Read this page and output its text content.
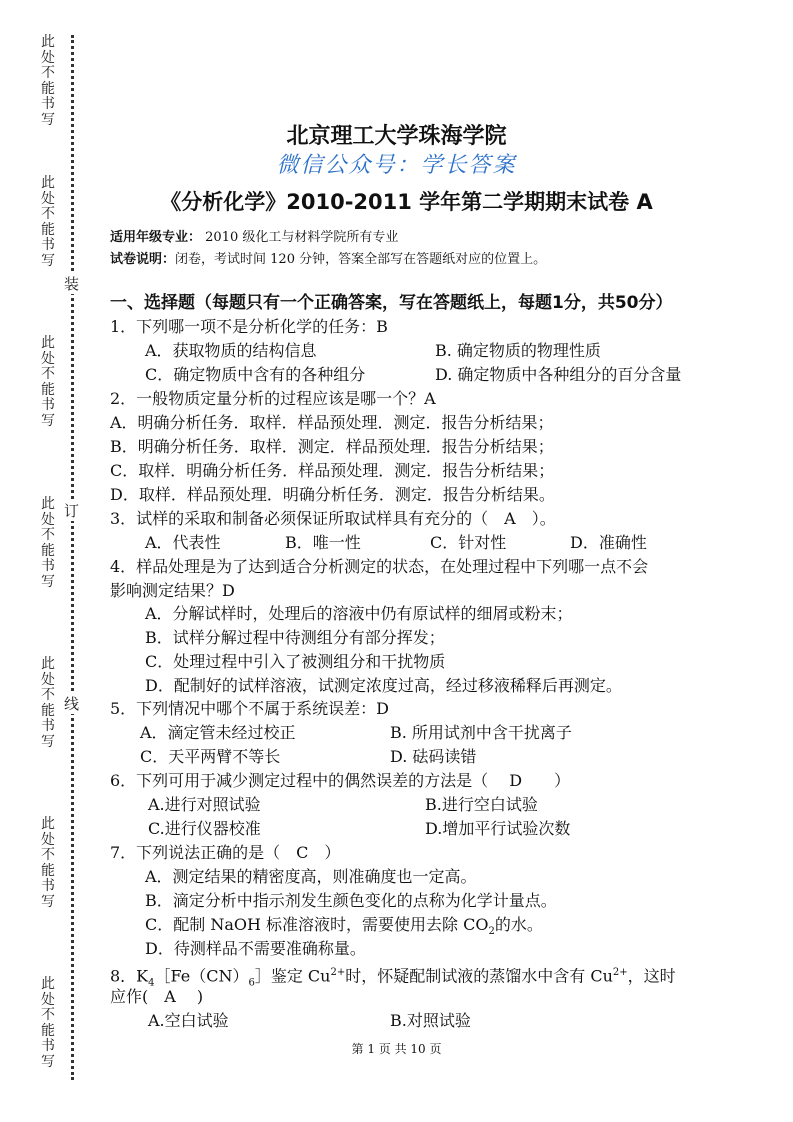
此处不能书写
此处不能书写
此处不能书写
此处不能书写
此处不能书写
此处不能书写
此处不能书写
装
订
线
北京理工大学珠海学院
微信公众号：学长答案
《分析化学》2010-2011 学年第二学期期末试卷 A
适用年级专业： 2010 级化工与材料学院所有专业
试卷说明：闭卷，考试时间 120 分钟，答案全部写在答题纸对应的位置上。
一、选择题（每题只有一个正确答案，写在答题纸上，每题1分，共50分）
1．下列哪一项不是分析化学的任务：B
A．获取物质的结构信息	B. 确定物质的物理性质
C．确定物质中含有的各种组分	D. 确定物质中各种组分的百分含量
2．一般物质定量分析的过程应该是哪一个？A
A．明确分析任务．取样．样品预处理．测定．报告分析结果；
B．明确分析任务．取样．测定．样品预处理．报告分析结果；
C．取样．明确分析任务．样品预处理．测定．报告分析结果；
D．取样．样品预处理．明确分析任务．测定．报告分析结果。
3．试样的采取和制备必须保证所取试样具有充分的（　A　）。
A．代表性	B．唯一性	C．针对性	D．准确性
4．样品处理是为了达到适合分析测定的状态，在处理过程中下列哪一点不会
影响测定结果？D
A．分解试样时，处理后的溶液中仍有原试样的细屑或粉末；
B．试样分解过程中待测组分有部分挥发；
C．处理过程中引入了被测组分和干扰物质
D．配制好的试样溶液，试测定浓度过高，经过移液稀释后再测定。
5．下列情况中哪个不属于系统误差：D
A．滴定管未经过校正	B. 所用试剂中含干扰离子
C．天平两臂不等长	D. 砝码读错
6．下列可用于减少测定过程中的偶然误差的方法是（　 D　　）
A.进行对照试验	B.进行空白试验
C.进行仪器校准	D.增加平行试验次数
7．下列说法正确的是（　C　）
A．测定结果的精密度高，则准确度也一定高。
B．滴定分析中指示剂发生颜色变化的点称为化学计量点。
C．配制 NaOH 标准溶液时，需要使用去除 $CO_2$的水。
D．待测样品不需要准确称量。
8．$K_4[Fe(CN)_6]$鉴定 $Cu^{2+}$时，怀疑配制试液的蒸馏水中含有 $Cu^{2+}$，这时
应作(　A　 )
A.空白试验	B.对照试验
第 1 页 共 10 页
